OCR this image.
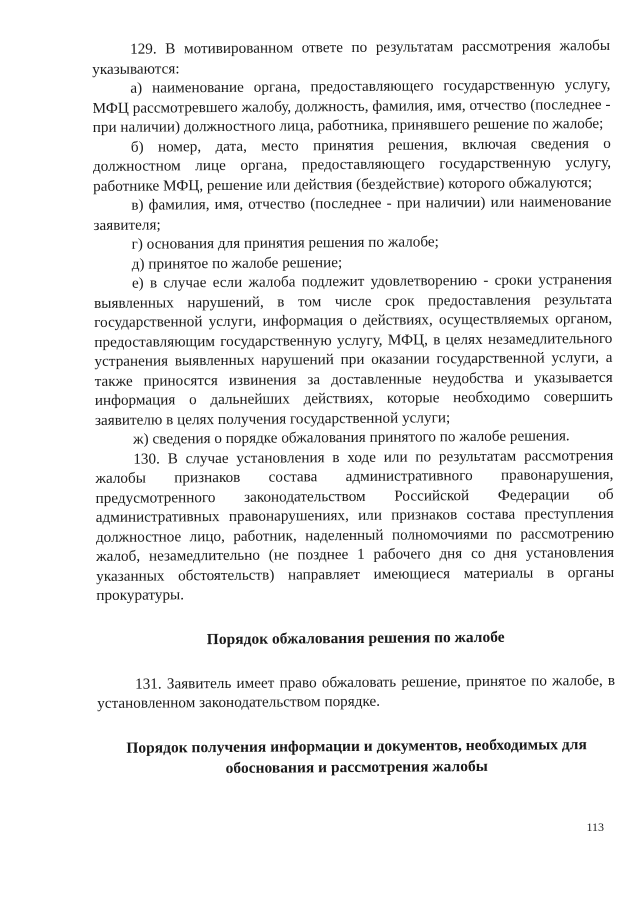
129. В мотивированном ответе по результатам рассмотрения жалобы указываются:

а) наименование органа, предоставляющего государственную услугу, МФЦ рассмотревшего жалобу, должность, фамилия, имя, отчество (последнее - при наличии) должностного лица, работника, принявшего решение по жалобе;

б) номер, дата, место принятия решения, включая сведения о должностном лице органа, предоставляющего государственную услугу, работнике МФЦ, решение или действия (бездействие) которого обжалуются;

в) фамилия, имя, отчество (последнее - при наличии) или наименование заявителя;

г) основания для принятия решения по жалобе;

д) принятое по жалобе решение;

е) в случае если жалоба подлежит удовлетворению - сроки устранения выявленных нарушений, в том числе срок предоставления результата государственной услуги, информация о действиях, осуществляемых органом, предоставляющим государственную услугу, МФЦ, в целях незамедлительного устранения выявленных нарушений при оказании государственной услуги, а также приносятся извинения за доставленные неудобства и указывается информация о дальнейших действиях, которые необходимо совершить заявителю в целях получения государственной услуги;

ж) сведения о порядке обжалования принятого по жалобе решения.

130. В случае установления в ходе или по результатам рассмотрения жалобы признаков состава административного правонарушения, предусмотренного законодательством Российской Федерации об административных правонарушениях, или признаков состава преступления должностное лицо, работник, наделенный полномочиями по рассмотрению жалоб, незамедлительно (не позднее 1 рабочего дня со дня установления указанных обстоятельств) направляет имеющиеся материалы в органы прокуратуры.

Порядок обжалования решения по жалобе

131. Заявитель имеет право обжаловать решение, принятое по жалобе, в установленном законодательством порядке.

Порядок получения информации и документов, необходимых для обоснования и рассмотрения жалобы

113
